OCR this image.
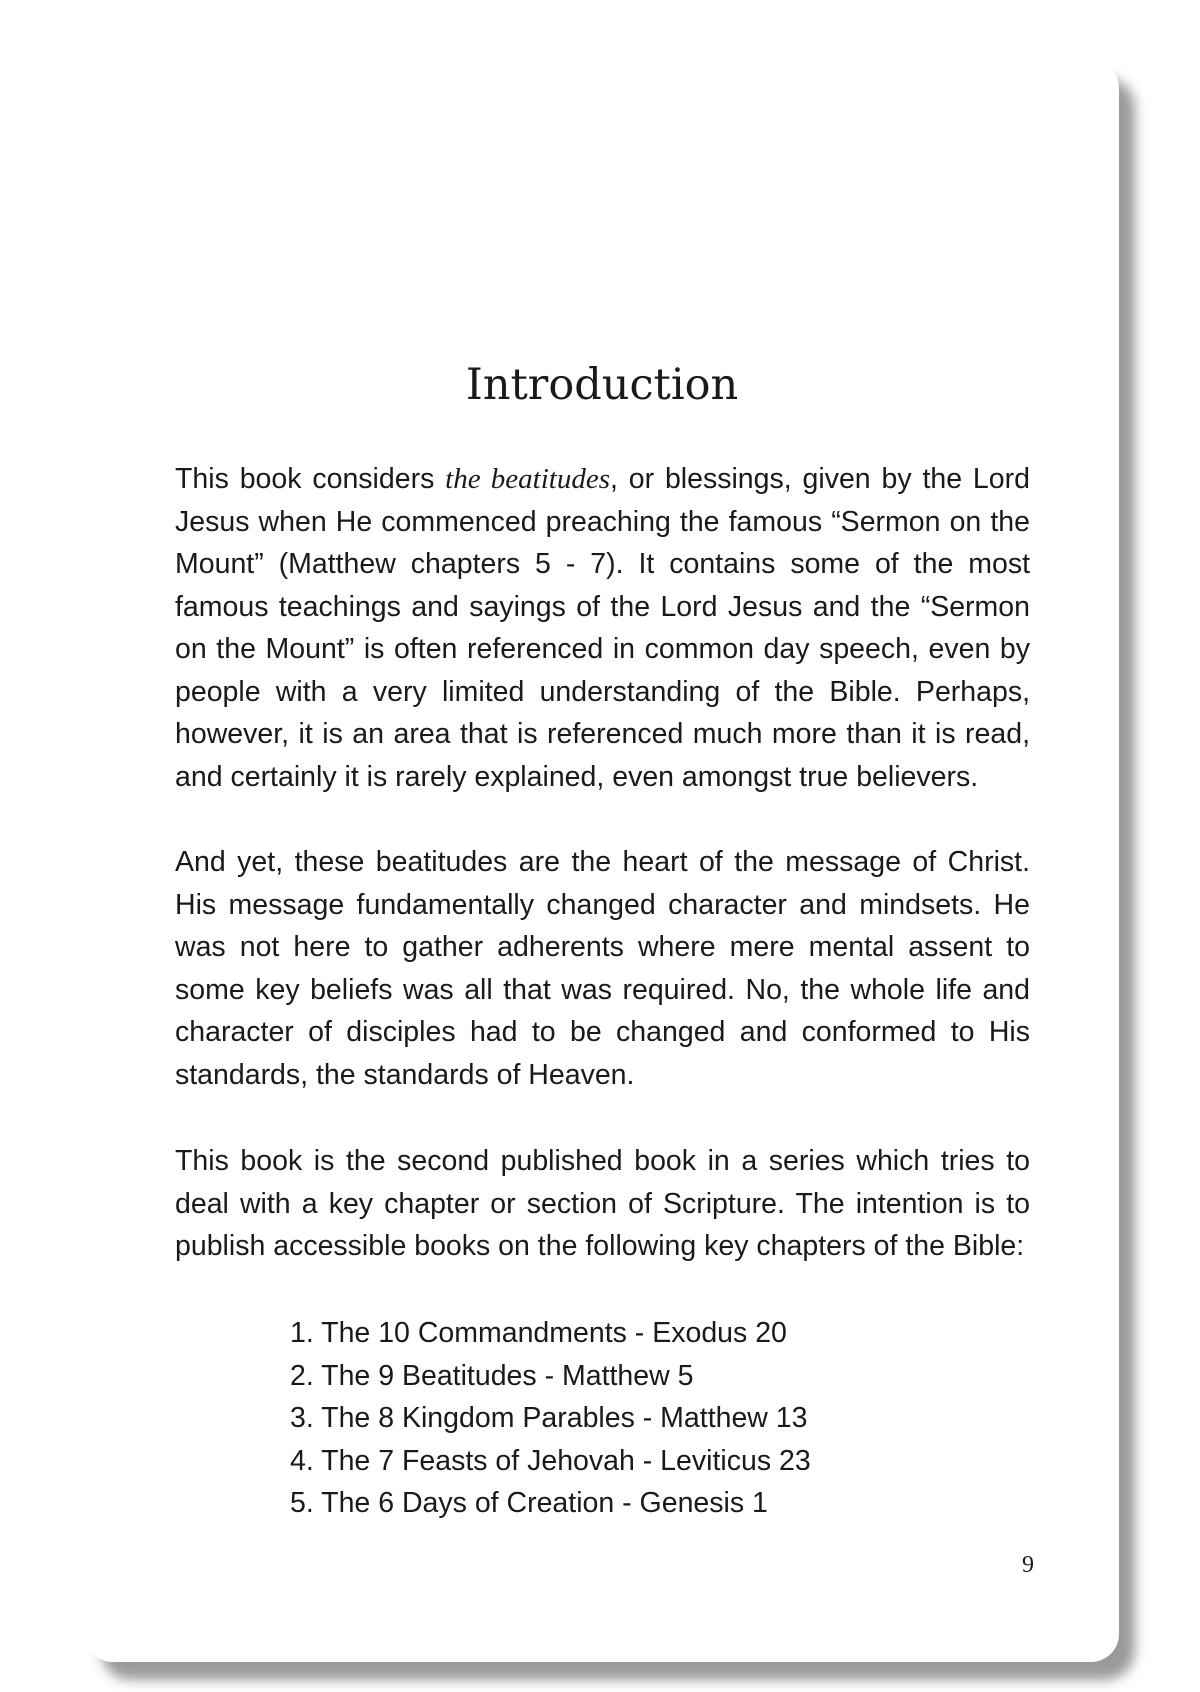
Introduction

This book considers the beatitudes, or blessings, given by the Lord Jesus when He commenced preaching the famous “Sermon on the Mount” (Matthew chapters 5 - 7). It contains some of the most famous teachings and sayings of the Lord Jesus and the “Sermon on the Mount” is often referenced in common day speech, even by people with a very limited understanding of the Bible. Perhaps, however, it is an area that is referenced much more than it is read, and certainly it is rarely explained, even amongst true believers.

And yet, these beatitudes are the heart of the message of Christ. His message fundamentally changed character and mindsets. He was not here to gather adherents where mere mental assent to some key beliefs was all that was required. No, the whole life and character of disciples had to be changed and conformed to His standards, the standards of Heaven.

This book is the second published book in a series which tries to deal with a key chapter or section of Scripture. The intention is to publish accessible books on the following key chapters of the Bible:

1. The 10 Commandments - Exodus 20
2. The 9 Beatitudes - Matthew 5
3. The 8 Kingdom Parables - Matthew 13
4. The 7 Feasts of Jehovah - Leviticus 23
5. The 6 Days of Creation - Genesis 1
9
